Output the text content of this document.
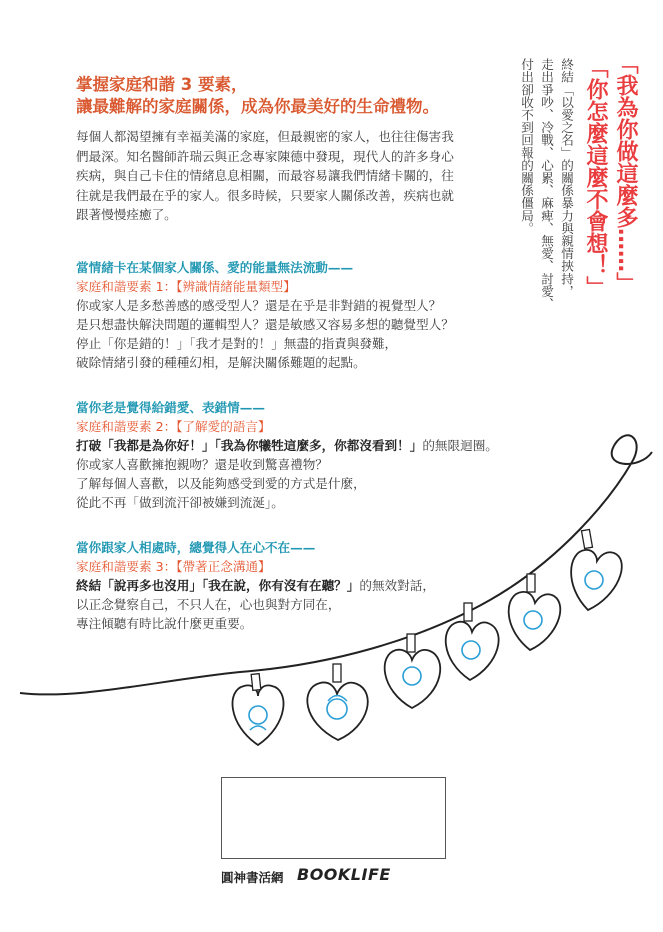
掌握家庭和諧 3 要素，
讓最難解的家庭關係，成為你最美好的生命禮物。
每個人都渴望擁有幸福美滿的家庭，但最親密的家人，也往往傷害我
們最深。知名醫師許瑞云與正念專家陳德中發現，現代人的許多身心
疾病，與自己卡住的情緒息息相關，而最容易讓我們情緒卡關的，往
往就是我們最在乎的家人。很多時候，只要家人關係改善，疾病也就
跟著慢慢痊癒了。
當情緒卡在某個家人關係、愛的能量無法流動——
家庭和諧要素 1：【辨識情緒能量類型】
你或家人是多愁善感的感受型人？還是在乎是非對錯的視覺型人？
是只想盡快解決問題的邏輯型人？還是敏感又容易多想的聽覺型人？
停止「你是錯的！」「我才是對的！」無盡的指責與發難，
破除情緒引發的種種幻相，是解決關係難題的起點。
當你老是覺得給錯愛、表錯情——
家庭和諧要素 2：【了解愛的語言】
打破「我都是為你好！」「我為你犧牲這麼多，你都沒看到！」的無限迴圈。
你或家人喜歡擁抱親吻？還是收到驚喜禮物？
了解每個人喜歡，以及能夠感受到愛的方式是什麼，
從此不再「做到流汗卻被嫌到流涎」。
當你跟家人相處時，總覺得人在心不在——
家庭和諧要素 3：【帶著正念溝通】
終結「說再多也沒用」「我在說，你有沒有在聽？」的無效對話，
以正念覺察自己，不只人在，心也與對方同在，
專注傾聽有時比說什麼更重要。
「我為你做這麼多……」
「你怎麼這麼不會想！」
終結「以愛之名」的關係暴力與親情挾持，
走出爭吵、冷戰、心累、麻痺、無愛、討愛、
付出卻收不到回報的關係僵局。
圓神書活網 BOOKLIFE
